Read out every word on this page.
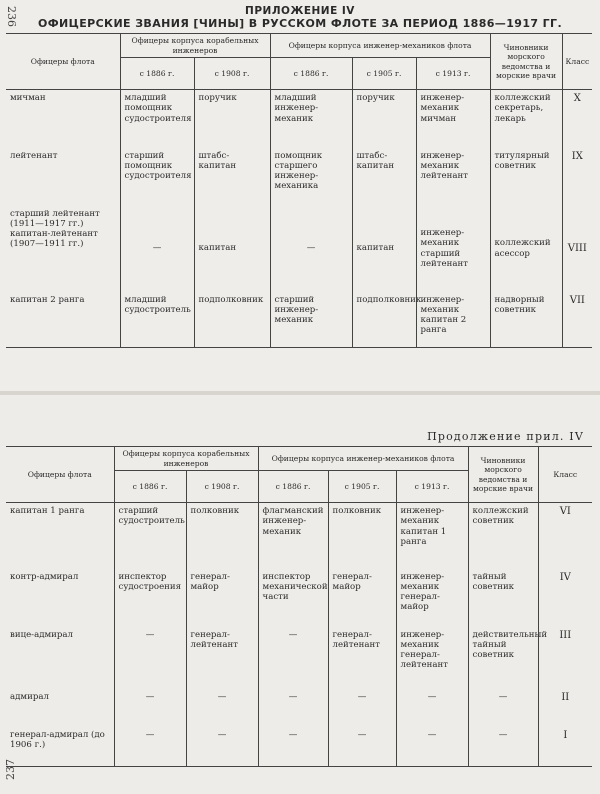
236	ПРИЛОЖЕНИЕ IV
ОФИЦЕРСКИЕ ЗВАНИЯ [ЧИНЫ] В РУССКОМ ФЛОТЕ ЗА ПЕРИОД 1886—1917 ГГ.
Офицеры флота	Офицеры корпуса корабельных инженеров		Офицеры корпуса инженер-механиков флота			Чиновники морского ведомства и морские врачи	Класс
	с 1886 г.	с 1908 г.	с 1886 г.	с 1905 г.	с 1913 г.		
мичман	младший помощник судостроителя	поручик	младший инженер-механик	поручик	инженер-механик мичман	коллежский секретарь, лекарь	X
лейтенант	старший помощник судостроителя	штабс-капитан	помощник старшего инженер-механика	штабс-капитан	инженер-механик лейтенант	титулярный советник	IX
старший лейтенант (1911—1917 гг.) капитан-лейтенант (1907—1911 гг.)	—	капитан	—	капитан	инженер-механик старший лейтенант	коллежский асессор	VIII
капитан 2 ранга	младший судостроитель	подполковник	старший инженер-механик	подполковник	инженер-механик капитан 2 ранга	надворный советник	VII
Продолжение прил. IV
Офицеры флота	Офицеры корпуса корабельных инженеров		Офицеры корпуса инженер-механиков флота			Чиновники морского ведомства и морские врачи	Класс
	с 1886 г.	с 1908 г.	с 1886 г.	с 1905 г.	с 1913 г.		
капитан 1 ранга	старший судостроитель	полковник	флагманский инженер-механик	полковник	инженер-механик капитан 1 ранга	коллежский советник	VI
контр-адмирал	инспектор судостроения	генерал-майор	инспектор механической части	генерал-майор	инженер-механик генерал-майор	тайный советник	IV
вице-адмирал	—	генерал-лейтенант	—	генерал-лейтенант	инженер-механик генерал-лейтенант	действительный тайный советник	III
адмирал	—	—	—	—	—	—	II
генерал-адмирал (до 1906 г.)	—	—	—	—	—	—	I
237
